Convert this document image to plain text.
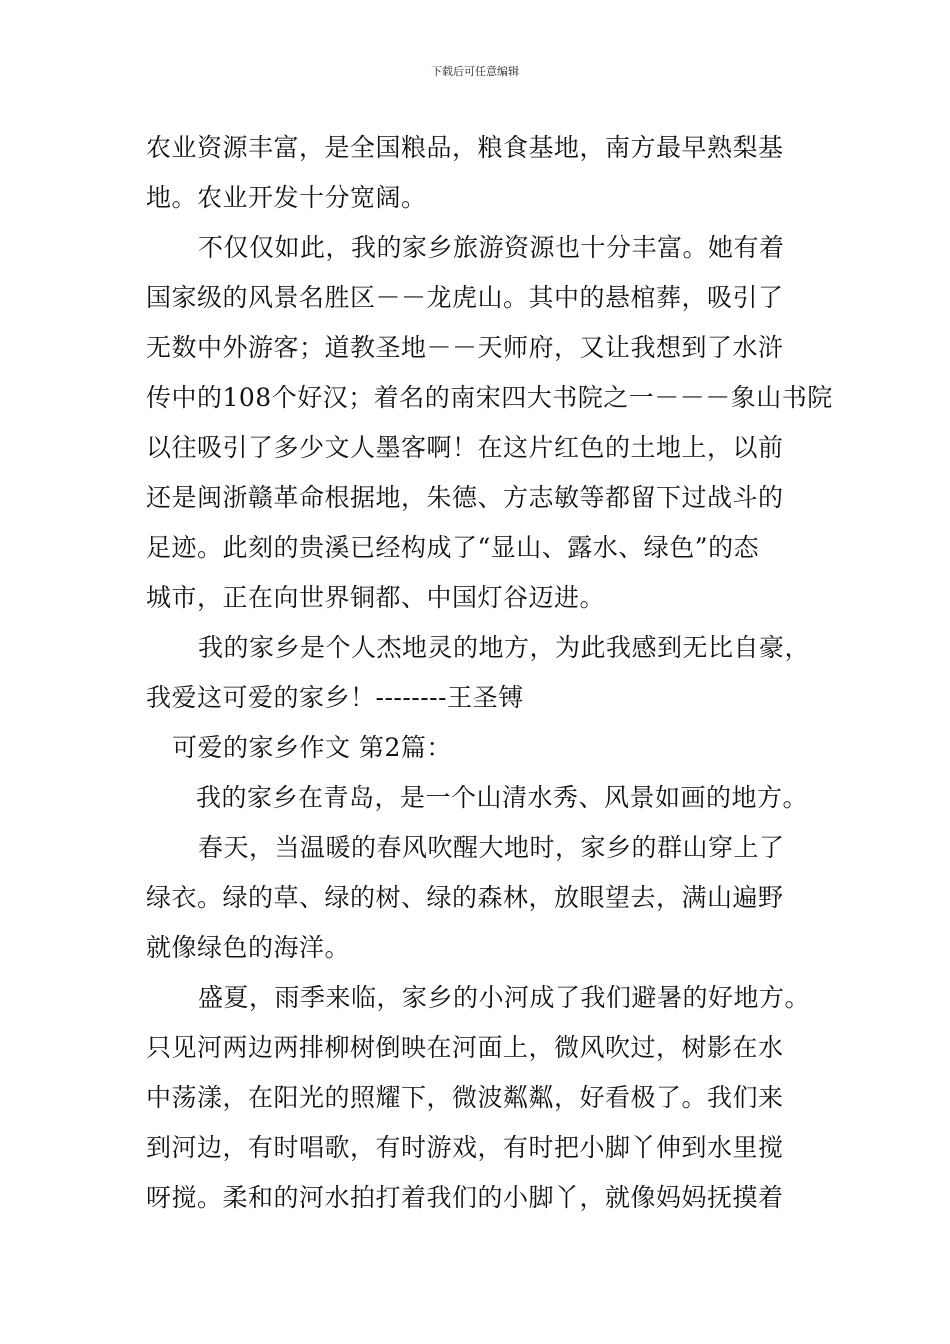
下载后可任意编辑
农业资源丰富，是全国粮品，粮食基地，南方最早熟梨基
地。农业开发十分宽阔。
不仅仅如此，我的家乡旅游资源也十分丰富。她有着
国家级的风景名胜区－－龙虎山。其中的悬棺葬，吸引了
无数中外游客；道教圣地－－天师府，又让我想到了水浒
传中的108个好汉；着名的南宋四大书院之一－－－象山书院
以往吸引了多少文人墨客啊！在这片红色的土地上，以前
还是闽浙赣革命根据地，朱德、方志敏等都留下过战斗的
足迹。此刻的贵溪已经构成了“显山、露水、绿色”的态
城市，正在向世界铜都、中国灯谷迈进。
我的家乡是个人杰地灵的地方，为此我感到无比自豪，
我爱这可爱的家乡！--------王圣镈
可爱的家乡作文 第2篇：
我的家乡在青岛，是一个山清水秀、风景如画的地方。
春天，当温暖的春风吹醒大地时，家乡的群山穿上了
绿衣。绿的草、绿的树、绿的森林，放眼望去，满山遍野
就像绿色的海洋。
盛夏，雨季来临，家乡的小河成了我们避暑的好地方。
只见河两边两排柳树倒映在河面上，微风吹过，树影在水
中荡漾，在阳光的照耀下，微波粼粼，好看极了。我们来
到河边，有时唱歌，有时游戏，有时把小脚丫伸到水里搅
呀搅。柔和的河水拍打着我们的小脚丫，就像妈妈抚摸着
